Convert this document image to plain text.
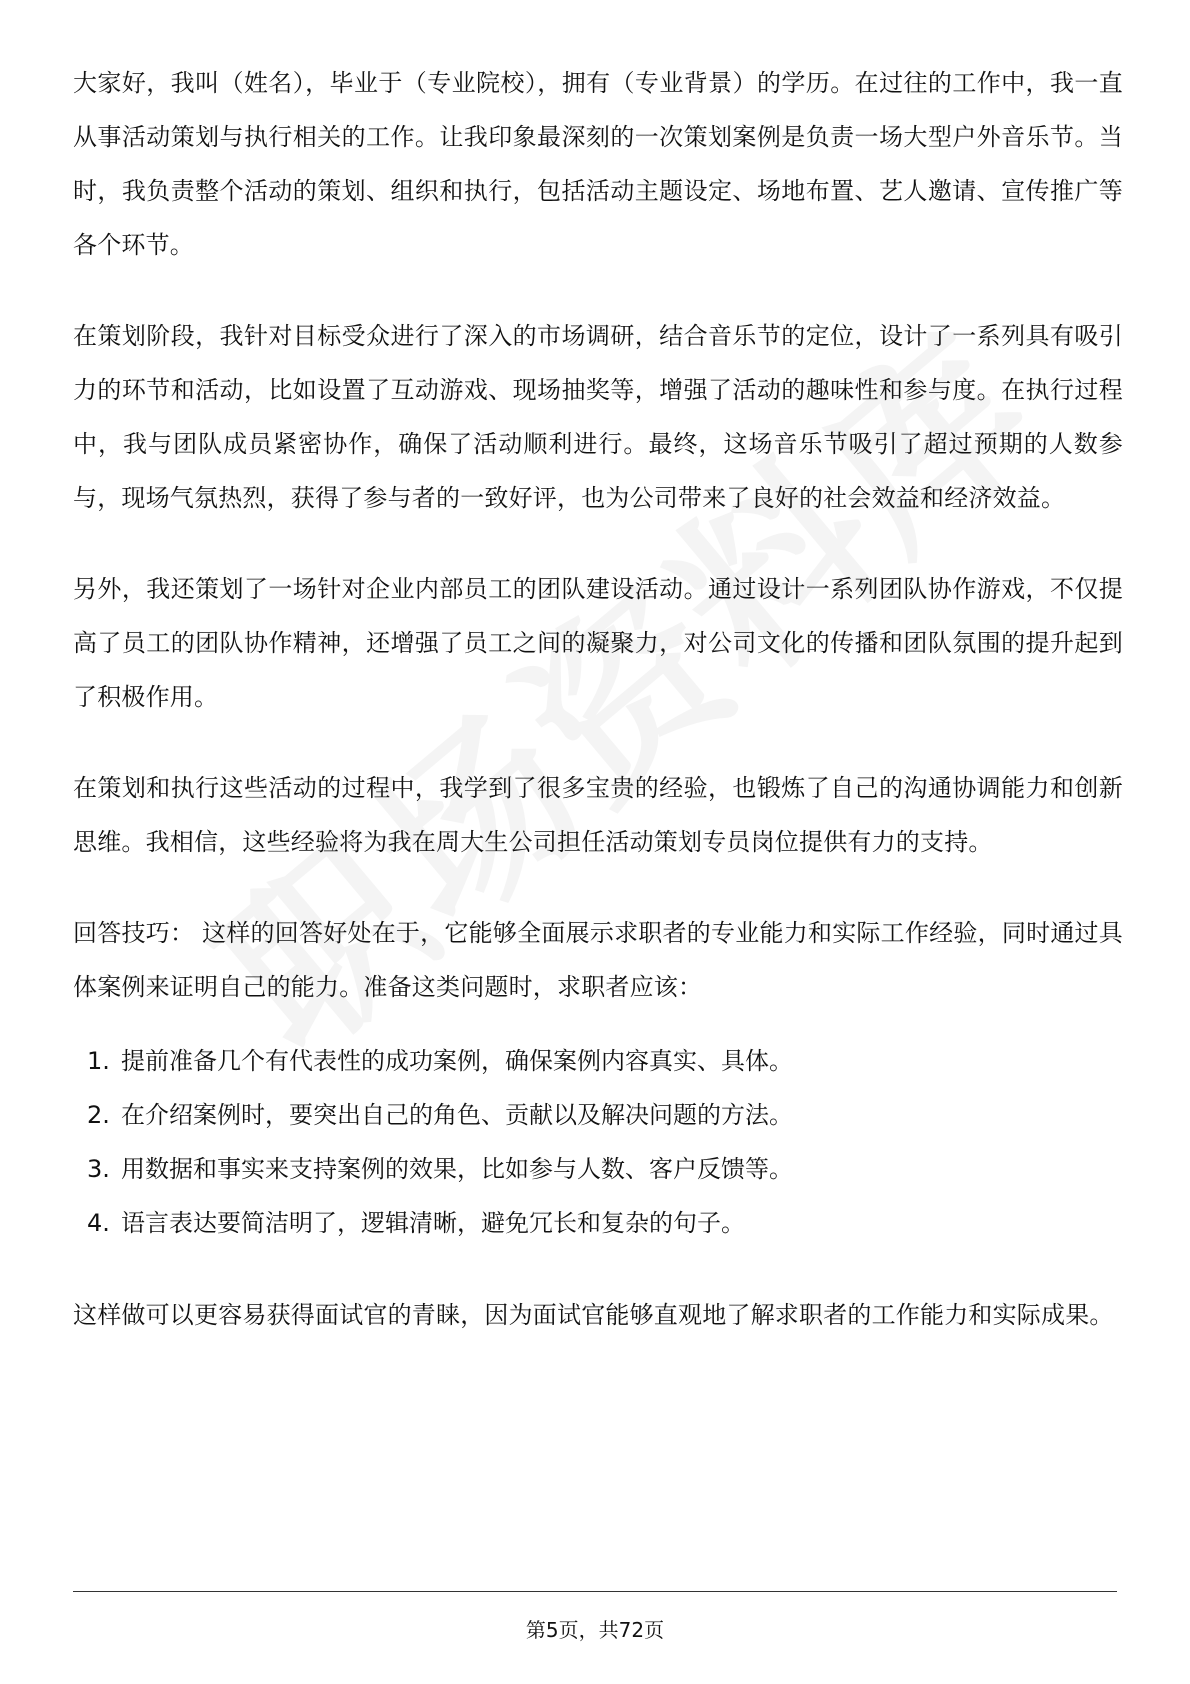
大家好，我叫（姓名），毕业于（专业院校），拥有（专业背景）的学历。在过往的工作中，我一直从事活动策划与执行相关的工作。让我印象最深刻的一次策划案例是负责一场大型户外音乐节。当时，我负责整个活动的策划、组织和执行，包括活动主题设定、场地布置、艺人邀请、宣传推广等各个环节。

在策划阶段，我针对目标受众进行了深入的市场调研，结合音乐节的定位，设计了一系列具有吸引力的环节和活动，比如设置了互动游戏、现场抽奖等，增强了活动的趣味性和参与度。在执行过程中，我与团队成员紧密协作，确保了活动顺利进行。最终，这场音乐节吸引了超过预期的人数参与，现场气氛热烈，获得了参与者的一致好评，也为公司带来了良好的社会效益和经济效益。

另外，我还策划了一场针对企业内部员工的团队建设活动。通过设计一系列团队协作游戏，不仅提高了员工的团队协作精神，还增强了员工之间的凝聚力，对公司文化的传播和团队氛围的提升起到了积极作用。

在策划和执行这些活动的过程中，我学到了很多宝贵的经验，也锻炼了自己的沟通协调能力和创新思维。我相信，这些经验将为我在周大生公司担任活动策划专员岗位提供有力的支持。

回答技巧： 这样的回答好处在于，它能够全面展示求职者的专业能力和实际工作经验，同时通过具体案例来证明自己的能力。准备这类问题时，求职者应该：

1. 提前准备几个有代表性的成功案例，确保案例内容真实、具体。
2. 在介绍案例时，要突出自己的角色、贡献以及解决问题的方法。
3. 用数据和事实来支持案例的效果，比如参与人数、客户反馈等。
4. 语言表达要简洁明了，逻辑清晰，避免冗长和复杂的句子。

这样做可以更容易获得面试官的青睐，因为面试官能够直观地了解求职者的工作能力和实际成果。

第5页，共72页
